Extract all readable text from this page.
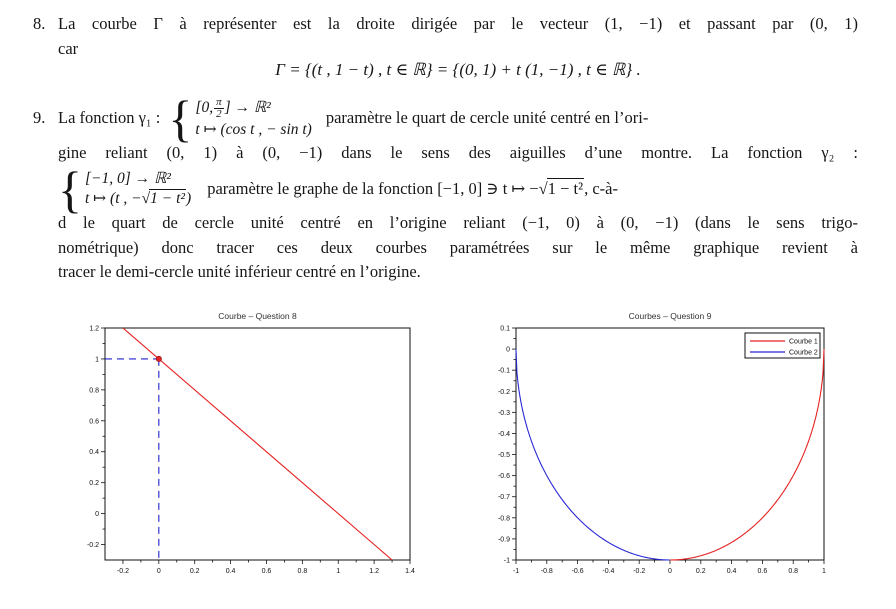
8. La courbe Γ à représenter est la droite dirigée par le vecteur (1, −1) et passant par (0, 1)
car
Γ = {(t , 1 − t) , t ∈ ℝ} = {(0, 1) + t (1, −1) , t ∈ ℝ} .
9. La fonction γ₁ : { [0, $\frac{\pi}{2}$ ] → ℝ²
t ↦ (cos t , − sin t)
paramètre le quart de cercle unité centré en l’ori-
gine reliant (0, 1) à (0, −1) dans le sens des aiguilles d’une montre. La fonction γ₂ :
{ [−1, 0] → ℝ²
t ↦ (t , − √1 − t² )
paramètre le graphe de la fonction [−1, 0] ∋ t ↦ −√1 − t², c-à-
d le quart de cercle unité centré en l’origine reliant (−1, 0) à (0, −1) (dans le sens trigo-
nométrique) donc tracer ces deux courbes paramétrées sur le même graphique revient à
tracer le demi-cercle unité inférieur centré en l’origine.
Courbe – Question 8
-0.2	0	0.2	0.4	0.6	0.8	1	1.2	1.4
-0.2
0
0.2
0.4
0.6
0.8
1
1.2
Courbes – Question 9
-1	-0.8	-0.6	-0.4	-0.2	0	0.2	0.4	0.6	0.8	1
0.1
0
-0.1
-0.2
-0.3
-0.4
-0.5
-0.6
-0.7
-0.8
-0.9
-1
Courbe 1
Courbe 2
